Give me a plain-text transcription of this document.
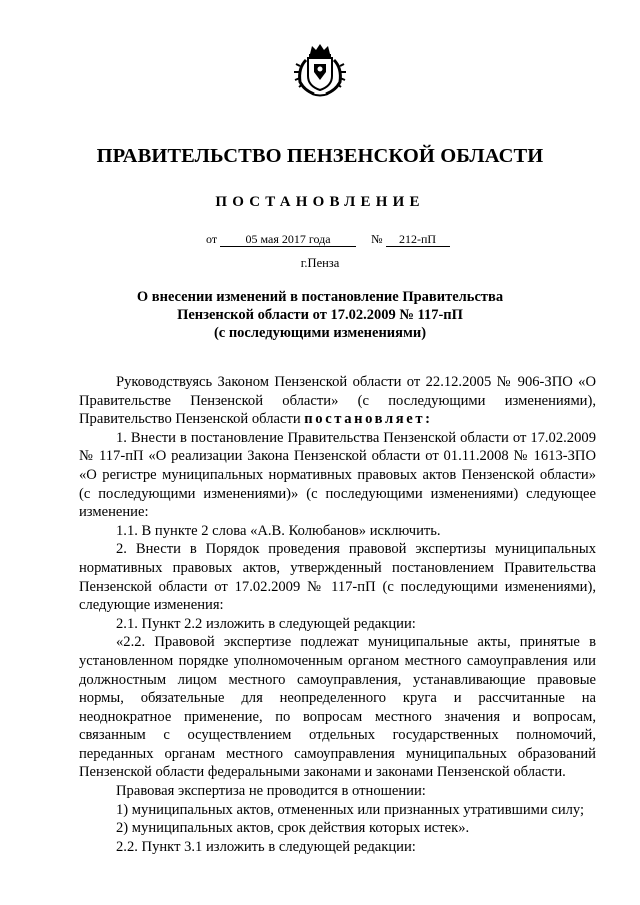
ПРАВИТЕЛЬСТВО ПЕНЗЕНСКОЙ ОБЛАСТИ
ПОСТАНОВЛЕНИЕ
от 05 мая 2017 года	№ 212-пП
г.Пенза
О внесении изменений в постановление Правительства
Пензенской области от 17.02.2009 № 117-пП
(с последующими изменениями)

Руководствуясь Законом Пензенской области от 22.12.2005 № 906-ЗПО «О Правительстве Пензенской области» (с последующими изменениями), Правительство Пензенской области постановляет:

1. Внести в постановление Правительства Пензенской области от 17.02.2009 № 117-пП «О реализации Закона Пензенской области от 01.11.2008 № 1613-ЗПО «О регистре муниципальных нормативных правовых актов Пензенской области» (с последующими изменениями)» (с последующими изменениями) следующее изменение:

1.1. В пункте 2 слова «А.В. Колюбанов» исключить.

2. Внести в Порядок проведения правовой экспертизы муниципальных нормативных правовых актов, утвержденный постановлением Правительства Пензенской области от 17.02.2009 № 117-пП (с последующими изменениями), следующие изменения:

2.1. Пункт 2.2 изложить в следующей редакции:

«2.2. Правовой экспертизе подлежат муниципальные акты, принятые в установленном порядке уполномоченным органом местного самоуправления или должностным лицом местного самоуправления, устанавливающие правовые нормы, обязательные для неопределенного круга и рассчитанные на неоднократное применение, по вопросам местного значения и вопросам, связанным с осуществлением отдельных государственных полномочий, переданных органам местного самоуправления муниципальных образований Пензенской области федеральными законами и законами Пензенской области.

Правовая экспертиза не проводится в отношении:

1) муниципальных актов, отмененных или признанных утратившими силу;

2) муниципальных актов, срок действия которых истек».

2.2. Пункт 3.1 изложить в следующей редакции:
